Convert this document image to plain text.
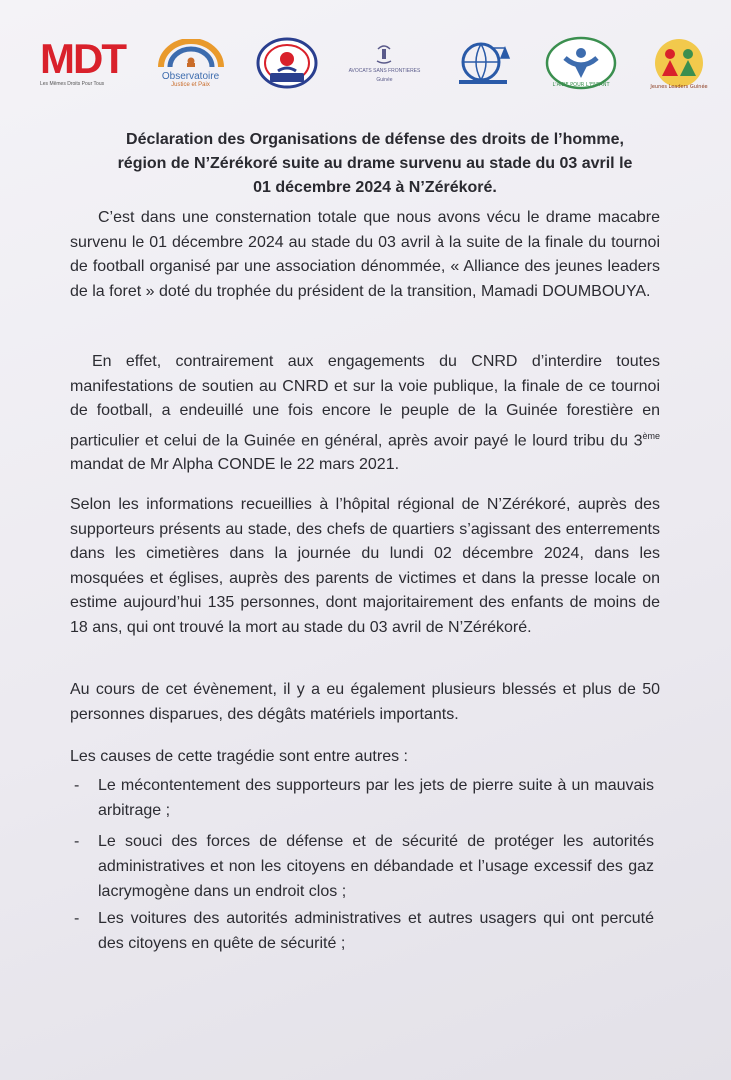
MDT
Les Mêmes Droits Pour Tous
Observatoire
Justice et Paix
AVOCATS SANS FRONTIERES
Guinée
L'AIDE POUR L'ENFANT	Jeunes Leaders Guinée
Déclaration des Organisations de défense des droits de l’homme,
région de N’Zérékoré suite au drame survenu au stade du 03 avril le
01 décembre 2024 à N’Zérékoré.

C’est dans une consternation totale que nous avons vécu le drame macabre survenu le 01 décembre 2024 au stade du 03 avril à la suite de la finale du tournoi de football organisé par une association dénommée, « Alliance des jeunes leaders de la foret » doté du trophée du président de la transition, Mamadi DOUMBOUYA.

En effet, contrairement aux engagements du CNRD d’interdire toutes manifestations de soutien au CNRD et sur la voie publique, la finale de ce tournoi de football, a endeuillé une fois encore le peuple de la Guinée forestière en particulier et celui de la Guinée en général, après avoir payé le lourd tribu du 3ème mandat de Mr Alpha CONDE le 22 mars 2021.

Selon les informations recueillies à l’hôpital régional de N’Zérékoré, auprès des supporteurs présents au stade, des chefs de quartiers s’agissant des enterrements dans les cimetières dans la journée du lundi 02 décembre 2024, dans les mosquées et églises, auprès des parents de victimes et dans la presse locale on estime aujourd’hui 135 personnes, dont majoritairement des enfants de moins de 18 ans, qui ont trouvé la mort au stade du 03 avril de N’Zérékoré.

Au cours de cet évènement, il y a eu également plusieurs blessés et plus de 50 personnes disparues, des dégâts matériels importants.

Les causes de cette tragédie sont entre autres :

-	Le mécontentement des supporteurs par les jets de pierre suite à un mauvais arbitrage ;
-	Le souci des forces de défense et de sécurité de protéger les autorités administratives et non les citoyens en débandade et l’usage excessif des gaz lacrymogène dans un endroit clos ;
-	Les voitures des autorités administratives et autres usagers qui ont percuté des citoyens en quête de sécurité ;
